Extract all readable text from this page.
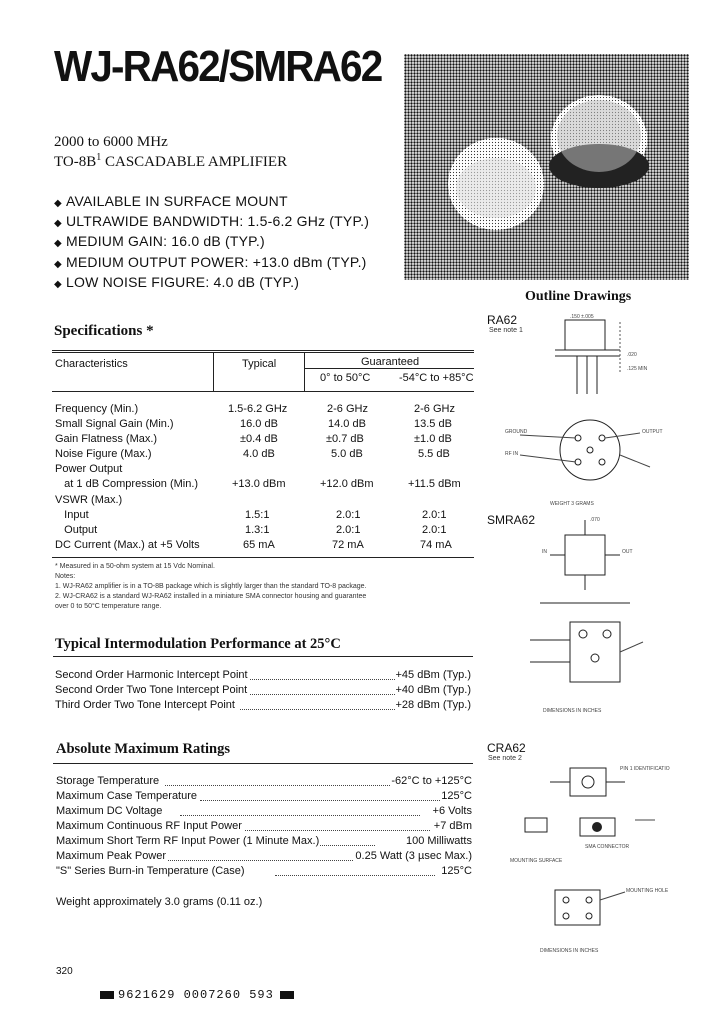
WJ-RA62/SMRA62
2000 to 6000 MHz
$TO-8B^1$ CASCADABLE AMPLIFIER
◆ AVAILABLE IN SURFACE MOUNT
◆ ULTRAWIDE BANDWIDTH: 1.5-6.2 GHz (TYP.)
◆ MEDIUM GAIN: 16.0 dB (TYP.)
◆ MEDIUM OUTPUT POWER: +13.0 dBm (TYP.)
◆ LOW NOISE FIGURE: 4.0 dB (TYP.)
Outline Drawings
Specifications *
Characteristics	Typical	Guaranteed
0° to 50°C	-54°C to +85°C
Frequency (Min.)	1.5-6.2 GHz	2-6 GHz	2-6 GHz
Small Signal Gain (Min.)	16.0 dB	14.0 dB	13.5 dB
Gain Flatness (Max.)	±0.4 dB	±0.7 dB	±1.0 dB
Noise Figure (Max.)	4.0 dB	5.0 dB	5.5 dB
Power Output
at 1 dB Compression (Min.)	+13.0 dBm	+12.0 dBm	+11.5 dBm
VSWR (Max.)
Input	1.5:1	2.0:1	2.0:1
Output	1.3:1	2.0:1	2.0:1
DC Current (Max.) at +5 Volts	65 mA	72 mA	74 mA
* Measured in a 50-ohm system at 15 Vdc Nominal.
Notes:
1. WJ-RA62 amplifier is in a TO-8B package which is slightly larger than the standard TO-8 package.
2. WJ-CRA62 is a standard WJ-RA62 installed in a miniature SMA connector housing and guarantee
over 0 to 50°C temperature range.
Typical Intermodulation Performance at 25°C
Second Order Harmonic Intercept Point	+45 dBm (Typ.)
Second Order Two Tone Intercept Point	+40 dBm (Typ.)
Third Order Two Tone Intercept Point	+28 dBm (Typ.)
Absolute Maximum Ratings
Storage Temperature	-62°C to +125°C
Maximum Case Temperature	125°C
Maximum DC Voltage	+6 Volts
Maximum Continuous RF Input Power	+7 dBm
Maximum Short Term RF Input Power (1 Minute Max.)	100 Milliwatts
Maximum Peak Power	0.25 Watt (3 µsec Max.)
"S" Series Burn-in Temperature (Case)	125°C
Weight approximately 3.0 grams (0.11 oz.)
RA62
See note 1
.150 ±.005
.020
.125 MIN
GROUND
RF IN
OUTPUT
WEIGHT 3 GRAMS
SMRA62	.070
OUT
IN
DIMENSIONS IN INCHES
CRA62
See note 2
PIN 1 IDENTIFICATION
MOUNTING SURFACE
SMA CONNECTOR
MOUNTING HOLE
DIMENSIONS IN INCHES
320
9621629 0007260 593
